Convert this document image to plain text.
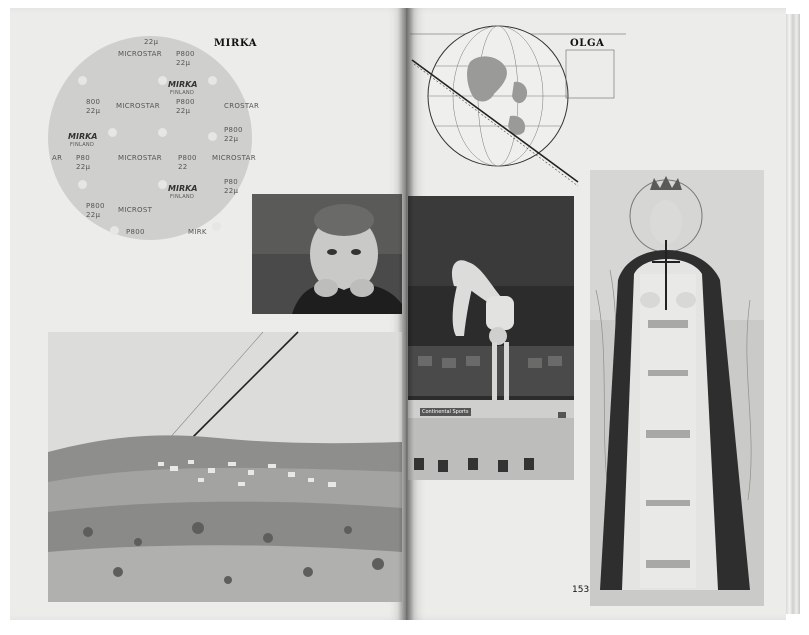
MIRKA
22µ
MICROSTAR P800
22µ
MIRKA
FINLAND
800
22µ
MICROSTAR P800
22µ
CROSTAR
MIRKA
FINLAND
P800
22µ
AR P80
22µ
MICROSTAR P800
22
MICROSTAR
MIRKA
FINLAND
P80
22µ
P800
22µ
MICROST
P800	MIRK
OLGA
Continental Sports
153
